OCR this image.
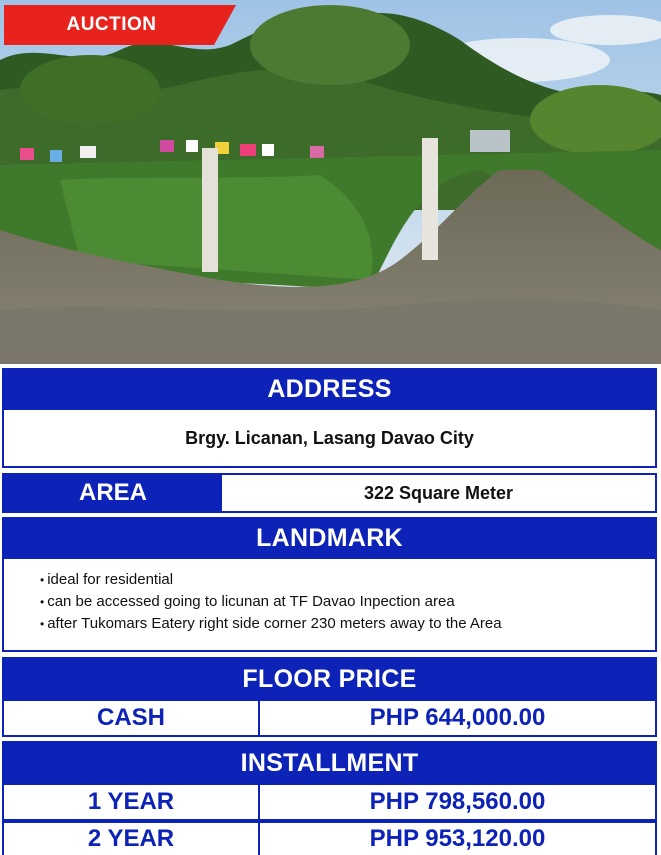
AUCTION
ADDRESS
Brgy. Licanan, Lasang Davao City
AREA	322 Square Meter
LANDMARK
• ideal for residential
• can be accessed going to licunan at TF Davao Inpection area
• after Tukomars Eatery right side corner 230 meters away to the Area
FLOOR PRICE
CASH	PHP 644,000.00
INSTALLMENT
1 YEAR	PHP 798,560.00
2 YEAR	PHP 953,120.00
